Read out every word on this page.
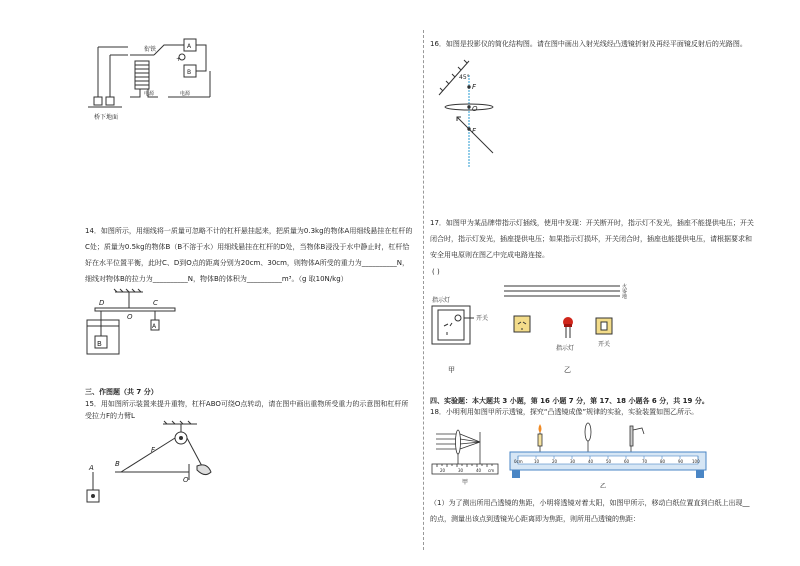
衔铁	A
+
B
电源	电源
桥下地面
14．如图所示，用细线将一质量可忽略不计的杠杆悬挂起来，把质量为0.3kg的物体A用细线悬挂在杠杆的
C处；质量为0.5kg的物体B（B不溶于水）用细线悬挂在杠杆的D处，当物体B浸没于水中静止时，杠杆恰
好在水平位置平衡，此时C、D到O点的距离分别为20cm、30cm，则物体A所受的重力为__________N，
细线对物体B的拉力为__________N，物体B的体积为__________m³。（g 取10N/kg）
D
O
C
A
B
三、作图题（共 7 分）
15．用如图所示装置来提升重物，杠杆ABO可绕O点转动，请在图中画出重物所受重力的示意图和杠杆所
受拉力F的力臂L
A	B
F
O
16．如图是投影仪的简化结构图。请在图中画出入射光线经凸透镜折射及再经平面镜反射后的光路图。
45°
F
O
F
17．如图甲为某品牌带指示灯插线，使用中发现：开关断开时，指示灯不发光，插座不能提供电压；开关
闭合时，指示灯发光，插座提供电压；如果指示灯损坏，开关闭合时，插座也能提供电压，请根据要求和
安全用电原则在图乙中完成电路连接。
( )
火
零
地
指示灯
开关
指示灯
开关
甲	乙
四、实验题：本大题共 3 小题，第 16 小题 7 分，第 17、18 小题各 6 分，共 19 分。
18．小明利用如图甲所示透镜，探究“凸透镜成像”规律的实验，实验装置如图乙所示。
20	30	40 cm
甲
0cm	10	20	30	40	50	60	70	80	90 100
乙
（1）为了测出所用凸透镜的焦距，小明将透镜对着太阳，如图甲所示，移动白纸位置直到白纸上出现__
的点，测量出该点到透镜光心距离即为焦距，则所用凸透镜的焦距：
